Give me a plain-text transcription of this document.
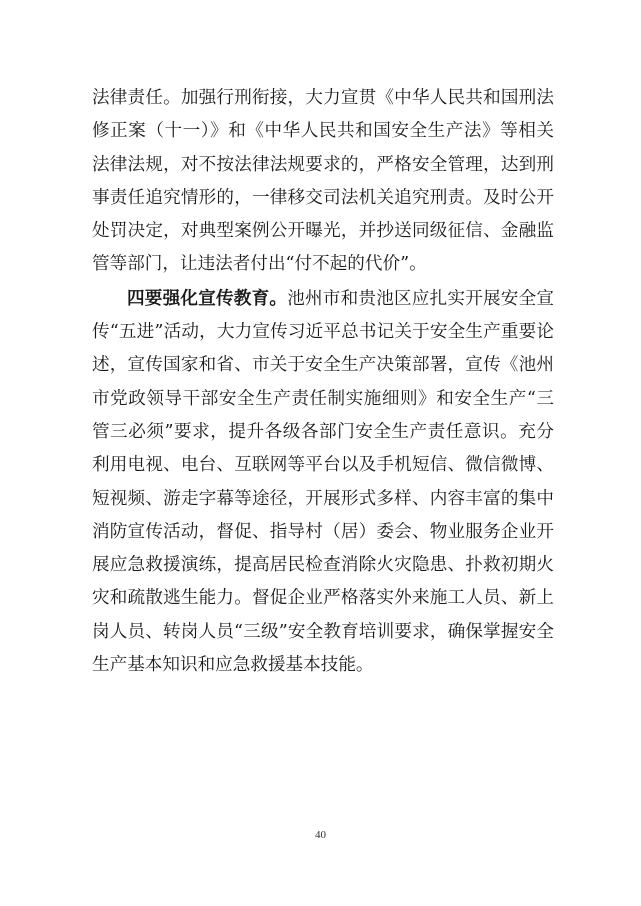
法律责任。加强行刑衔接，大力宣贯《中华人民共和国刑法修正案（十一）》和《中华人民共和国安全生产法》等相关法律法规，对不按法律法规要求的，严格安全管理，达到刑事责任追究情形的，一律移交司法机关追究刑责。及时公开处罚决定，对典型案例公开曝光，并抄送同级征信、金融监管等部门，让违法者付出“付不起的代价”。

四要强化宣传教育。池州市和贵池区应扎实开展安全宣传“五进”活动，大力宣传习近平总书记关于安全生产重要论述，宣传国家和省、市关于安全生产决策部署，宣传《池州市党政领导干部安全生产责任制实施细则》和安全生产“三管三必须”要求，提升各级各部门安全生产责任意识。充分利用电视、电台、互联网等平台以及手机短信、微信微博、短视频、游走字幕等途径，开展形式多样、内容丰富的集中消防宣传活动，督促、指导村（居）委会、物业服务企业开展应急救援演练，提高居民检查消除火灾隐患、扑救初期火灾和疏散逃生能力。督促企业严格落实外来施工人员、新上岗人员、转岗人员“三级”安全教育培训要求，确保掌握安全生产基本知识和应急救援基本技能。

40
